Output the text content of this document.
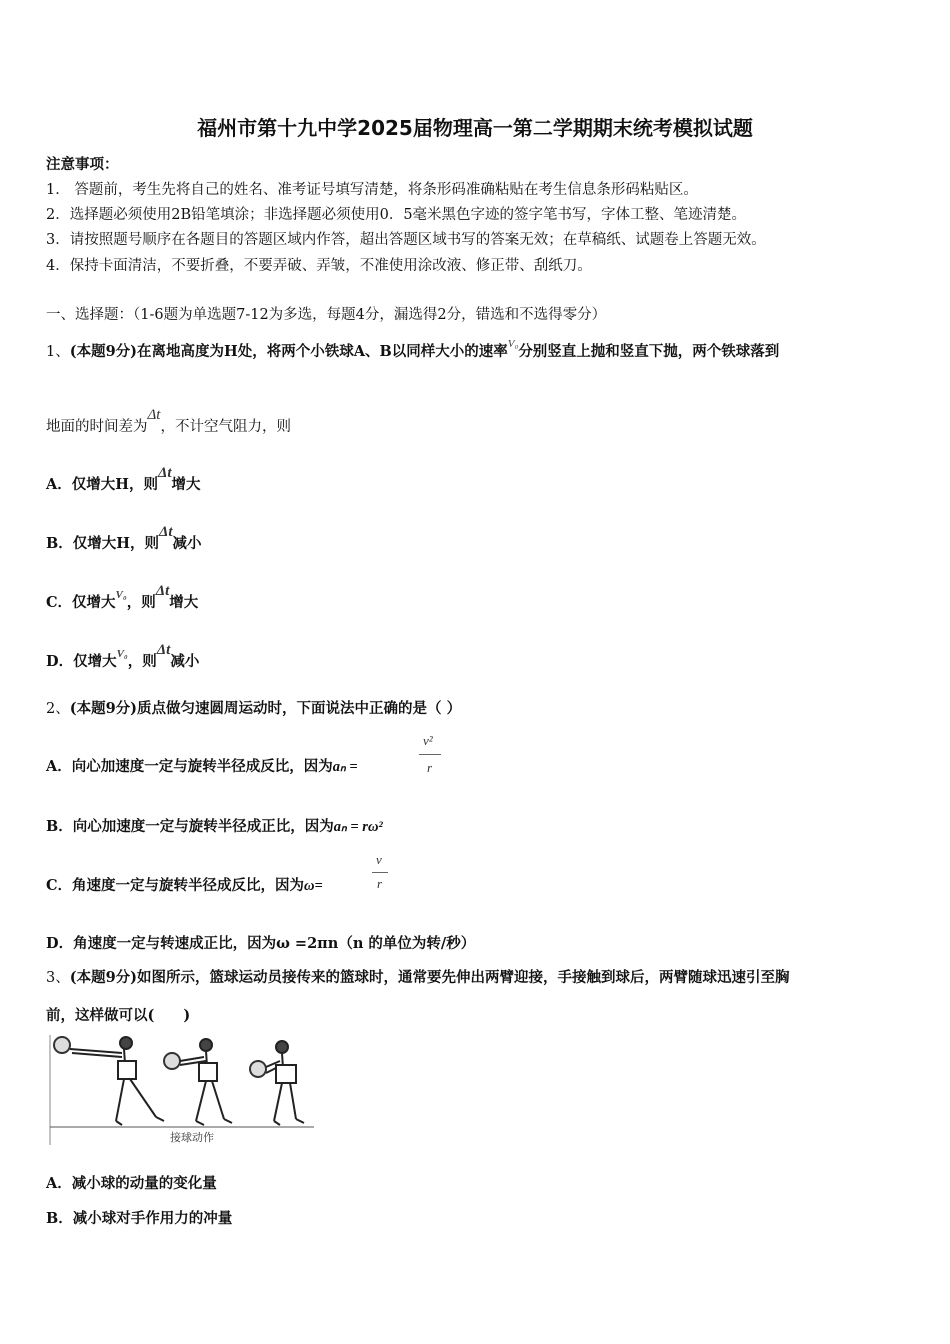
福州市第十九中学2025届物理高一第二学期期末统考模拟试题
注意事项：
1． 答题前，考生先将自己的姓名、准考证号填写清楚，将条形码准确粘贴在考生信息条形码粘贴区。
2．选择题必须使用2B铅笔填涂；非选择题必须使用0．5毫米黑色字迹的签字笔书写，字体工整、笔迹清楚。
3．请按照题号顺序在各题目的答题区域内作答，超出答题区域书写的答案无效；在草稿纸、试题卷上答题无效。
4．保持卡面清洁，不要折叠，不要弄破、弄皱，不准使用涂改液、修正带、刮纸刀。
一、选择题：（1-6题为单选题7-12为多选，每题4分，漏选得2分，错选和不选得零分）
1、(本题9分)在离地高度为H处，将两个小铁球A、B以同样大小的速率$^{V_0}$分别竖直上抛和竖直下抛，两个铁球落到
地面的时间差为Δt，不计空气阻力，则
A．仅增大H，则Δt增大
B．仅增大H，则Δt减小
C．仅增大$^{V_0}$，则Δt增大
D．仅增大$^{V_0}$，则Δt减小
2、(本题9分)质点做匀速圆周运动时，下面说法中正确的是（ ）
A．向心加速度一定与旋转半径成反比，因为aₙ =
v²
r
B．向心加速度一定与旋转半径成正比，因为aₙ = rω²
C．角速度一定与旋转半径成反比，因为ω=
v
r
D．角速度一定与转速成正比，因为ω =2πn（n 的单位为转/秒）
3、(本题9分)如图所示，篮球运动员接传来的篮球时，通常要先伸出两臂迎接，手接触到球后，两臂随球迅速引至胸
前，这样做可以(　　)
接球动作
A．减小球的动量的变化量
B．减小球对手作用力的冲量
